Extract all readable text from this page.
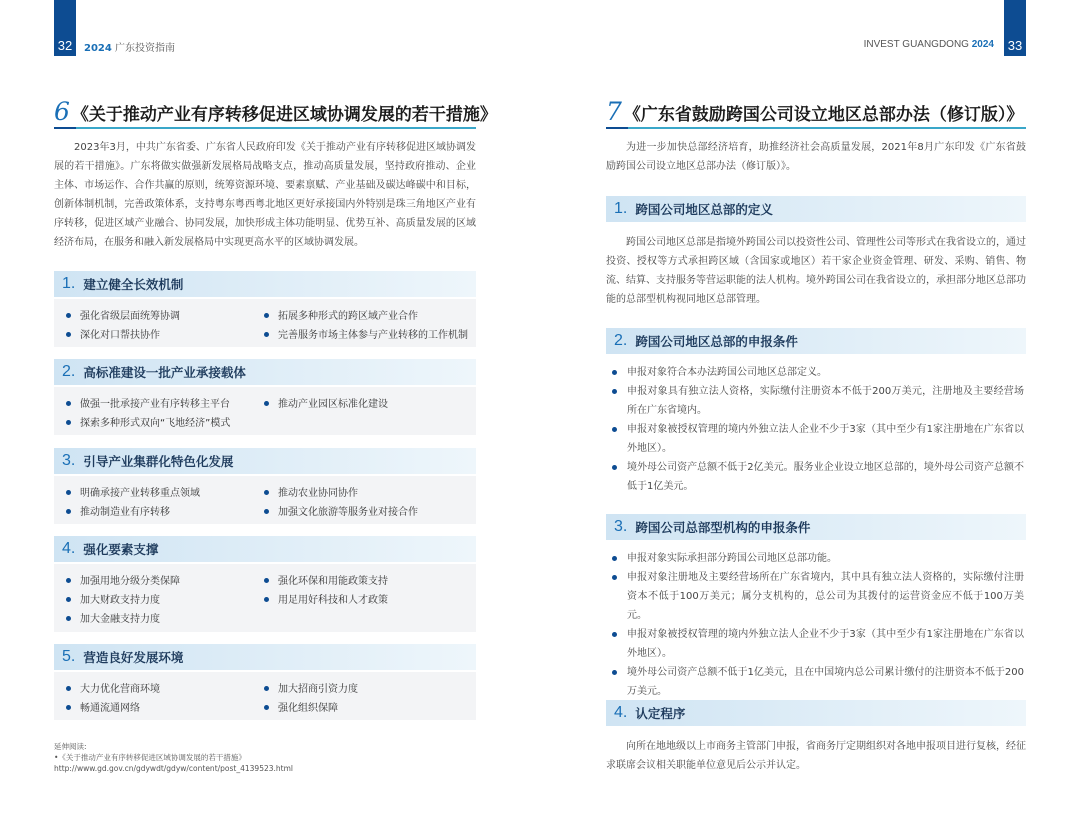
32	2024 广东投资指南
6 《关于推动产业有序转移促进区域协调发展的若干措施》

2023年3月，中共广东省委、广东省人民政府印发《关于推动产业有序转移促进区域协调发展的若干措施》。广东将做实做强新发展格局战略支点，推动高质量发展，坚持政府推动、企业主体、市场运作、合作共赢的原则，统筹资源环境、要素禀赋、产业基础及碳达峰碳中和目标，创新体制机制，完善政策体系，支持粤东粤西粤北地区更好承接国内外特别是珠三角地区产业有序转移，促进区域产业融合、协同发展，加快形成主体功能明显、优势互补、高质量发展的区域经济布局，在服务和融入新发展格局中实现更高水平的区域协调发展。

1. 建立健全长效机制
强化省级层面统筹协调	拓展多种形式的跨区域产业合作
深化对口帮扶协作	完善服务市场主体参与产业转移的工作机制
2. 高标准建设一批产业承接载体
做强一批承接产业有序转移主平台	推动产业园区标准化建设
探索多种形式双向“飞地经济”模式
3. 引导产业集群化特色化发展
明确承接产业转移重点领域	推动农业协同协作
推动制造业有序转移	加强文化旅游等服务业对接合作
4. 强化要素支撑
加强用地分级分类保障	强化环保和用能政策支持
加大财政支持力度	用足用好科技和人才政策
加大金融支持力度
5. 营造良好发展环境
大力优化营商环境	加大招商引资力度
畅通流通网络	强化组织保障
延伸阅读:
•《关于推动产业有序转移促进区域协调发展的若干措施》
http://www.gd.gov.cn/gdywdt/gdyw/content/post_4139523.html
33
INVEST GUANGDONG 2024
7 《广东省鼓励跨国公司设立地区总部办法（修订版）》

为进一步加快总部经济培育，助推经济社会高质量发展，2021年8月广东印发《广东省鼓励跨国公司设立地区总部办法（修订版）》。

1. 跨国公司地区总部的定义

跨国公司地区总部是指境外跨国公司以投资性公司、管理性公司等形式在我省设立的，通过投资、授权等方式承担跨区域（含国家或地区）若干家企业资金管理、研发、采购、销售、物流、结算、支持服务等营运职能的法人机构。境外跨国公司在我省设立的，承担部分地区总部功能的总部型机构视同地区总部管理。

2. 跨国公司地区总部的申报条件
申报对象符合本办法跨国公司地区总部定义。
申报对象具有独立法人资格，实际缴付注册资本不低于200万美元，注册地及主要经营场所在广东省境内。
申报对象被授权管理的境内外独立法人企业不少于3家（其中至少有1家注册地在广东省以外地区）。
境外母公司资产总额不低于2亿美元。服务业企业设立地区总部的，境外母公司资产总额不低于1亿美元。
3. 跨国公司总部型机构的申报条件
申报对象实际承担部分跨国公司地区总部功能。
申报对象注册地及主要经营场所在广东省境内，其中具有独立法人资格的，实际缴付注册资本不低于100万美元；属分支机构的，总公司为其拨付的运营资金应不低于100万美元。
申报对象被授权管理的境内外独立法人企业不少于3家（其中至少有1家注册地在广东省以外地区）。
境外母公司资产总额不低于1亿美元，且在中国境内总公司累计缴付的注册资本不低于200万美元。
4. 认定程序

向所在地地级以上市商务主管部门申报，省商务厅定期组织对各地申报项目进行复核，经征求联席会议相关职能单位意见后公示并认定。
